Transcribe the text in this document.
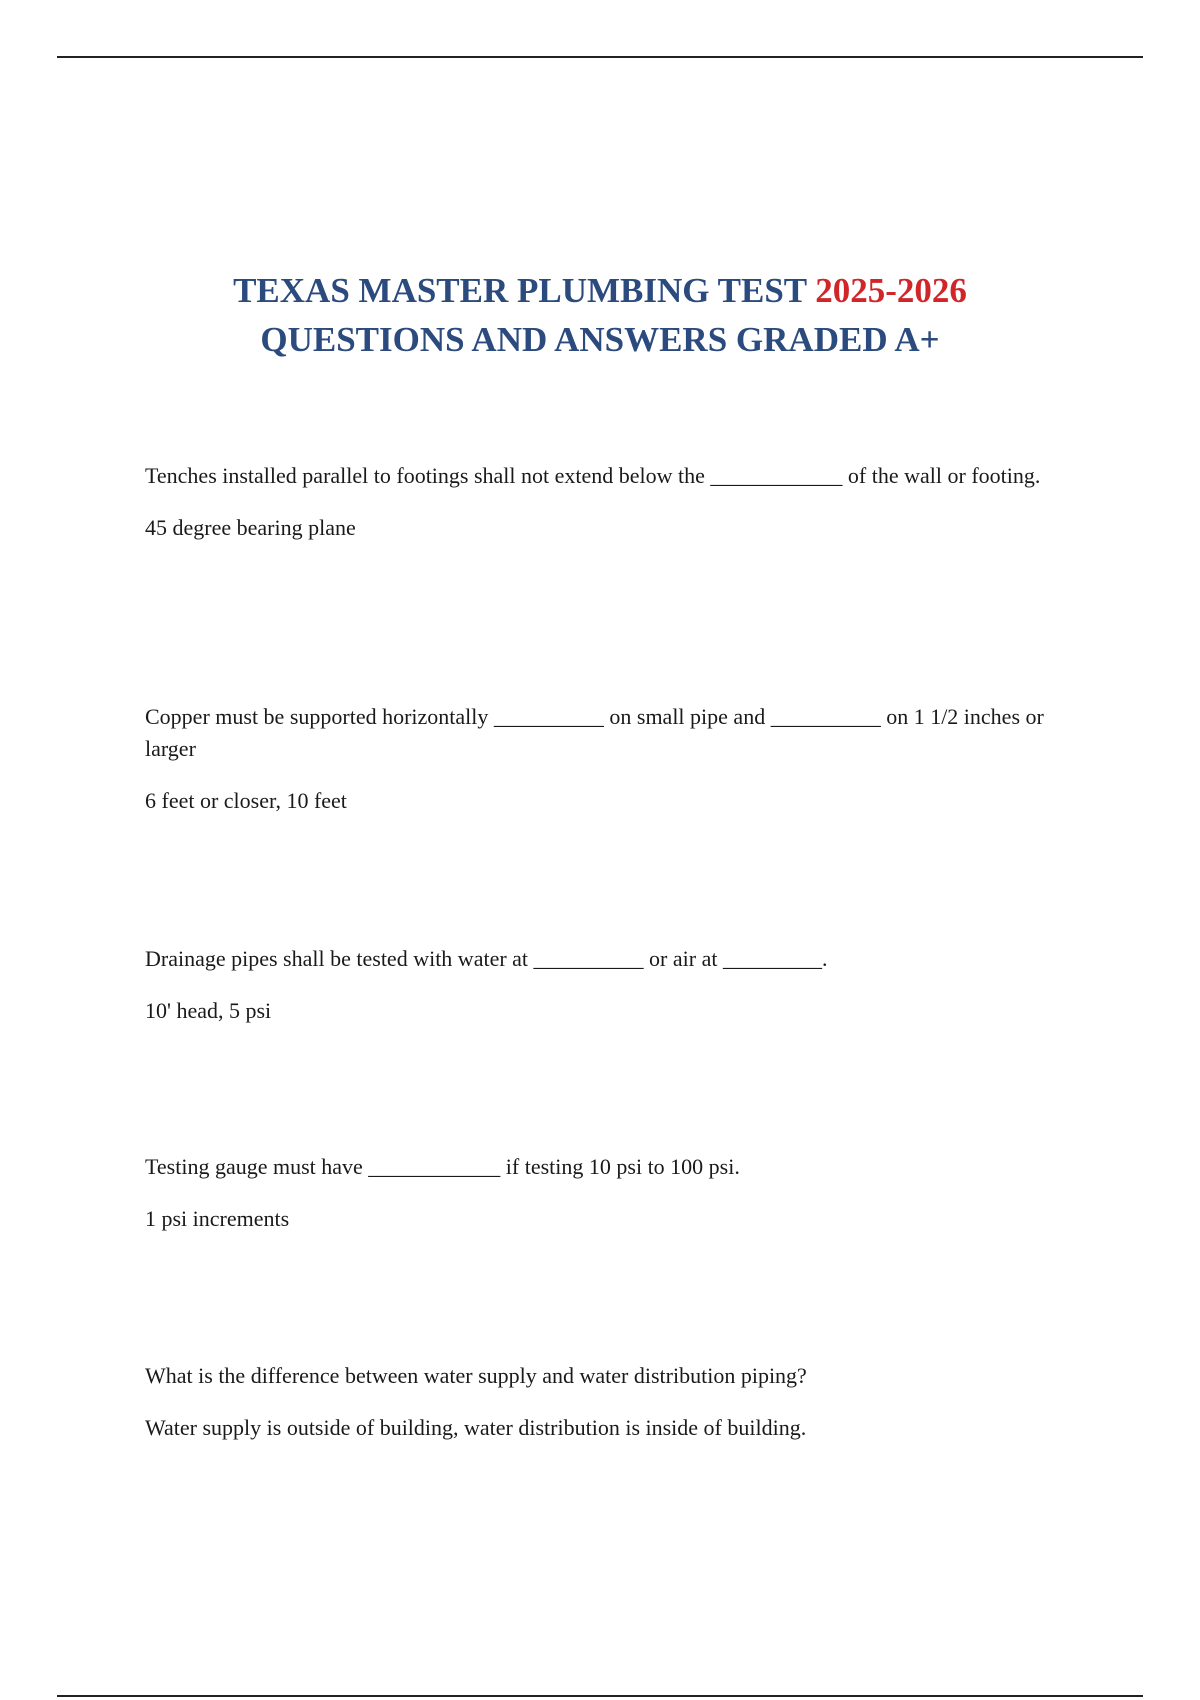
TEXAS MASTER PLUMBING TEST 2025-2026
QUESTIONS AND ANSWERS GRADED A+

Tenches installed parallel to footings shall not extend below the ____________ of the wall or footing.

45 degree bearing plane

Copper must be supported horizontally __________ on small pipe and __________ on 1 1/2 inches or larger

6 feet or closer, 10 feet

Drainage pipes shall be tested with water at __________ or air at _________.

10' head, 5 psi

Testing gauge must have ____________ if testing 10 psi to 100 psi.

1 psi increments

What is the difference between water supply and water distribution piping?

Water supply is outside of building, water distribution is inside of building.
